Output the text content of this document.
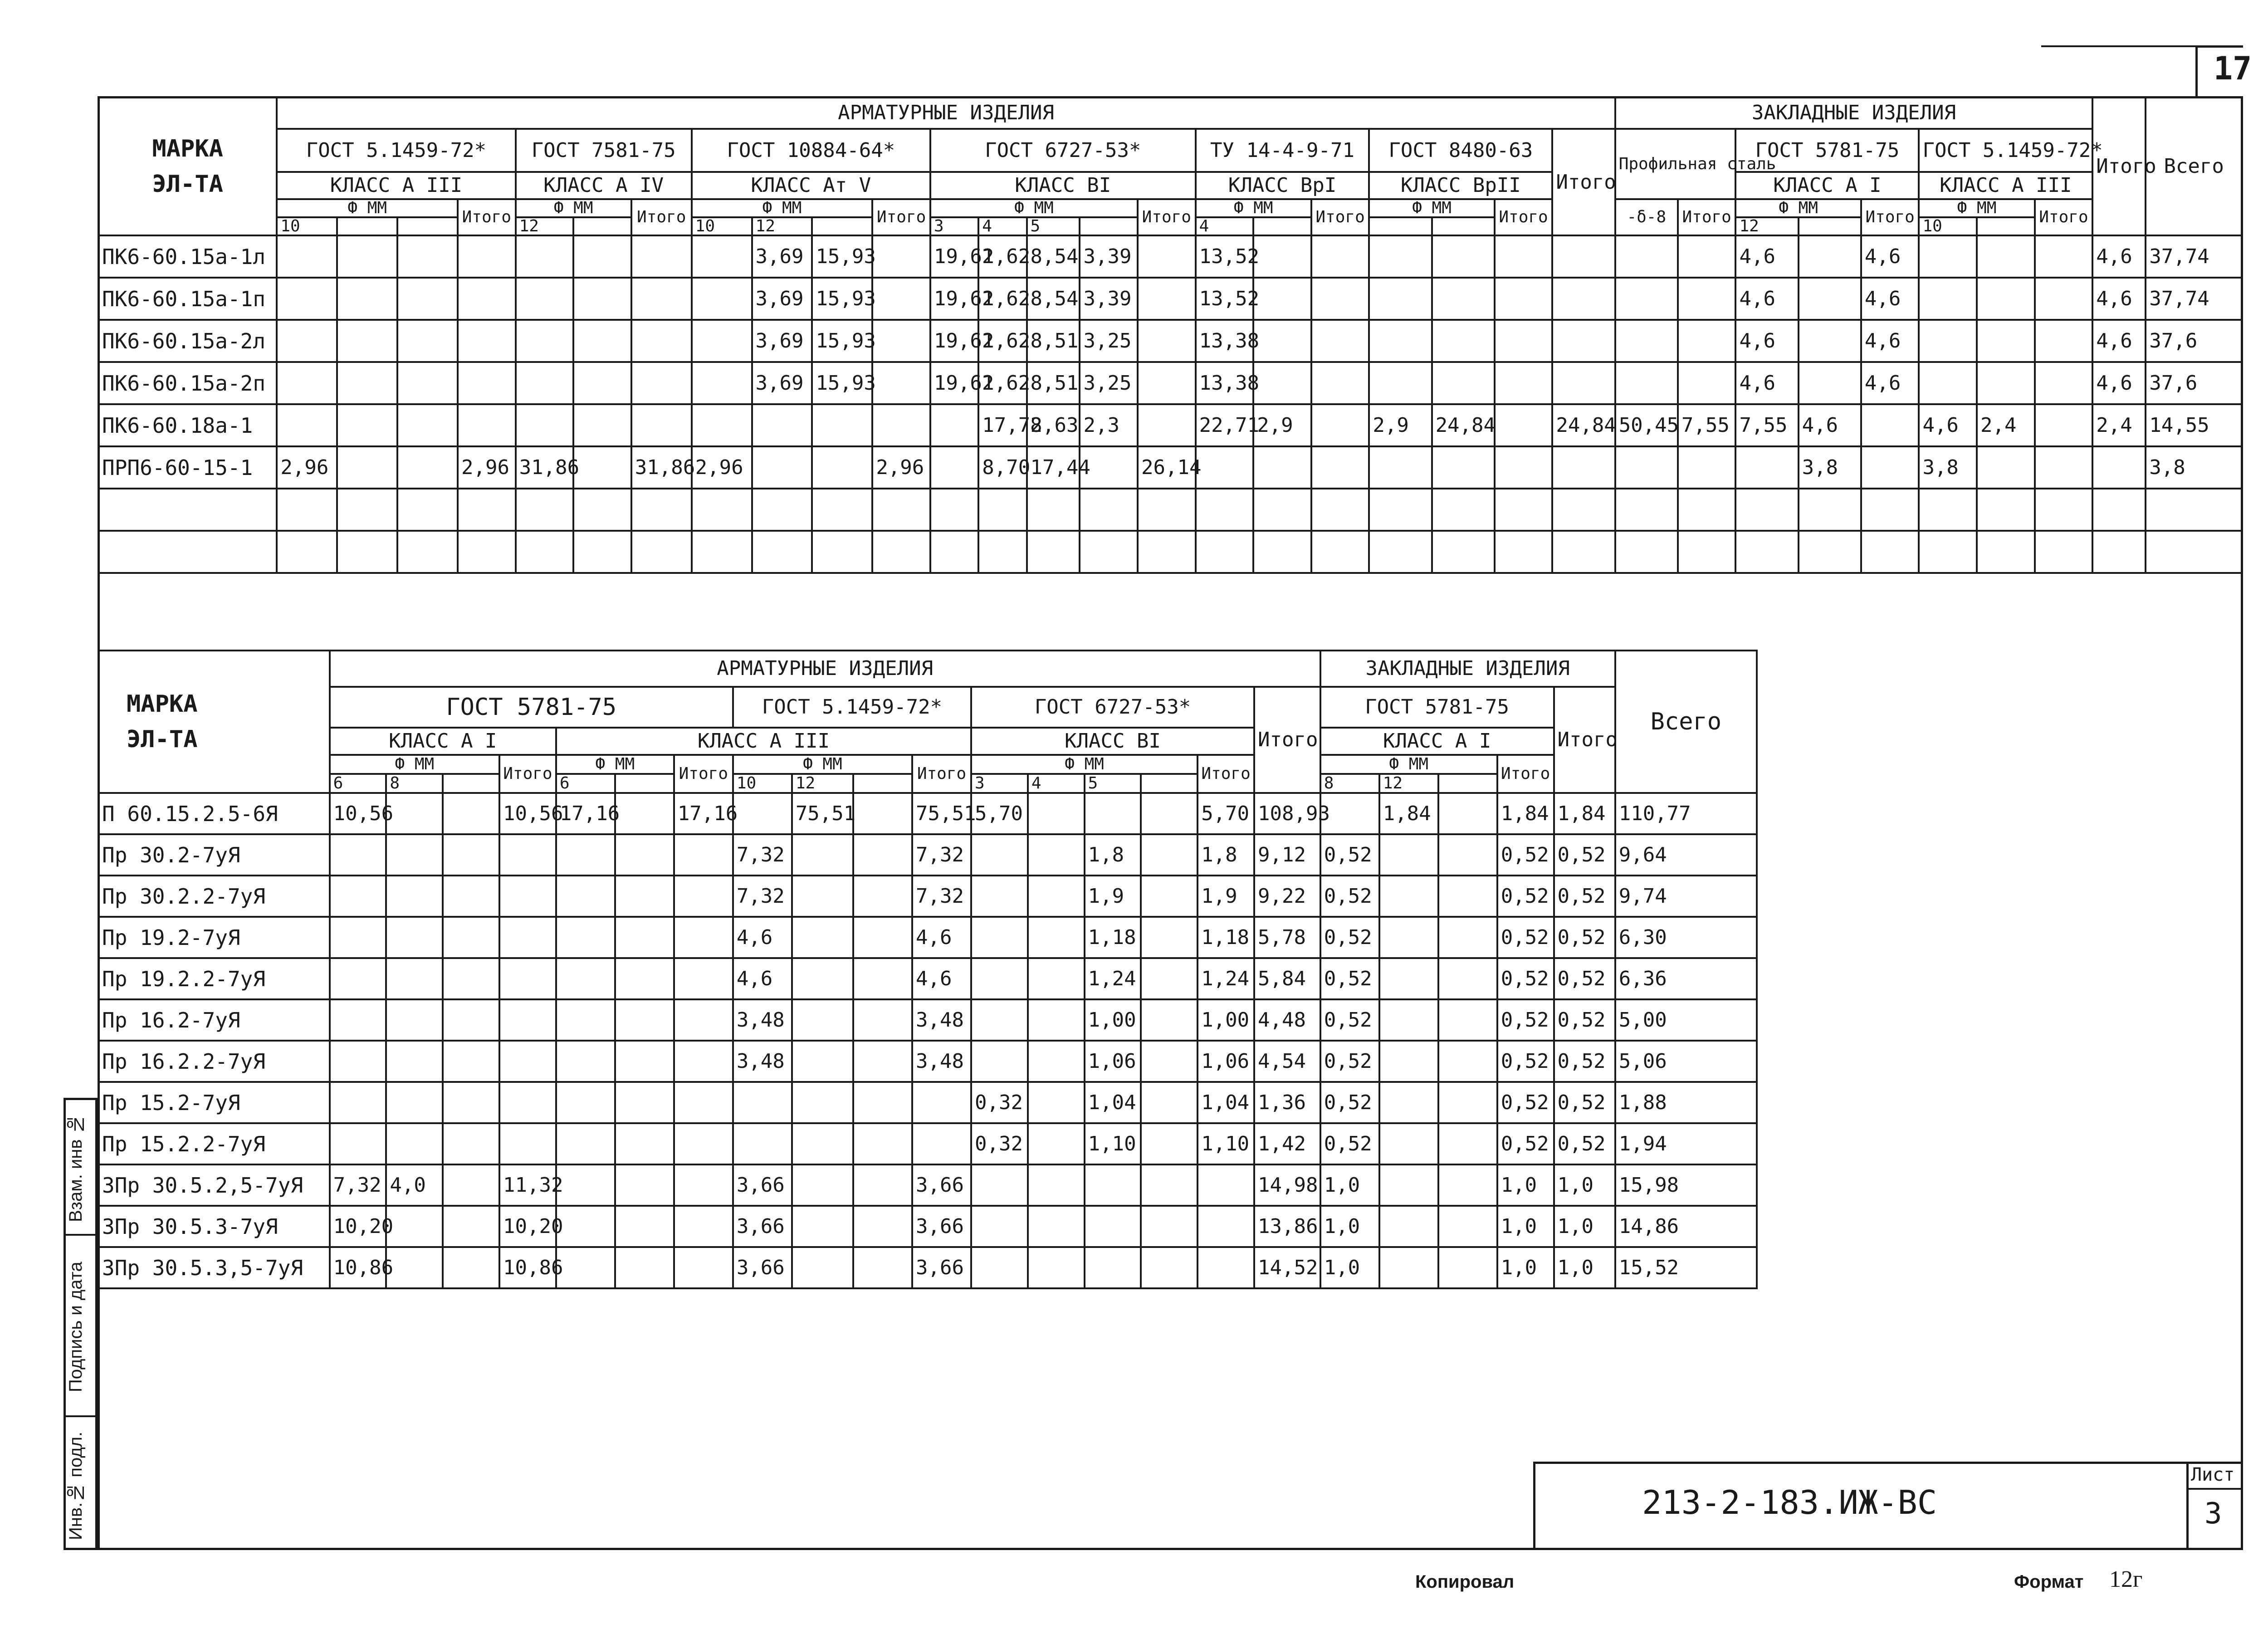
17
Взам. инв №
Подпись и дата
Инв.№ подл.
МАРКА
ЭЛ-ТА	АРМАТУРНЫЕ ИЗДЕЛИЯ																							ЗАКЛАДНЫЕ ИЗДЕЛИЯ								Итого	Всего
	ГОСТ 5.1459-72*				ГОСТ 7581-75			ГОСТ 10884-64*				ГОСТ 6727-53*					ТУ 14-4-9-71			ГОСТ 8480-63			Итого	Профильная сталь		ГОСТ 5781-75			ГОСТ 5.1459-72*				
	КЛАСС А III				КЛАСС А IV			КЛАСС Ат V				КЛАСС ВI					КЛАСС ВрI			КЛАСС ВрII						КЛАСС А I			КЛАСС А III				
	Ф ММ			Итого	Ф ММ		Итого	Ф ММ			Итого	Ф ММ				Итого	Ф ММ		Итого	Ф ММ		Итого		-δ-8	Итого	Ф ММ		Итого	Ф ММ		Итого		
	10				12			10	12			3	4	5			4									12			10				
ПК6-60.15а-1л									3,69	15,93		19,62	1,62	8,54	3,39		13,52									4,6		4,6				4,6	37,74
ПК6-60.15а-1п									3,69	15,93		19,62	1,62	8,54	3,39		13,52									4,6		4,6				4,6	37,74
ПК6-60.15а-2л									3,69	15,93		19,62	1,62	8,51	3,25		13,38									4,6		4,6				4,6	37,6
ПК6-60.15а-2п									3,69	15,93		19,62	1,62	8,51	3,25		13,38									4,6		4,6				4,6	37,6
ПК6-60.18а-1													17,78	2,63	2,3		22,71	2,9		2,9	24,84		24,84	50,45	7,55	7,55	4,6		4,6	2,4		2,4	14,55
ПРП6-60-15-1	2,96			2,96	31,86		31,86	2,96			2,96		8,70	17,44		26,14											3,8		3,8				3,8

МАРКА
ЭЛ-ТА	АРМАТУРНЫЕ ИЗДЕЛИЯ																	ЗАКЛАДНЫЕ ИЗДЕЛИЯ					Всего
	ГОСТ 5781-75							ГОСТ 5.1459-72*				ГОСТ 6727-53*					Итого	ГОСТ 5781-75				Итого	
	КЛАСС А I				КЛАСС А III							КЛАСС ВI						КЛАСС А I					
	Ф ММ			Итого	Ф ММ		Итого	Ф ММ			Итого	Ф ММ				Итого		Ф ММ			Итого		
	6	8			6			10	12			3	4	5				8	12				
П 60.15.2.5-6Я	10,56			10,56	17,16		17,16		75,51		75,51	5,70				5,70	108,93		1,84		1,84	1,84	110,77
Пр 30.2-7уЯ								7,32			7,32			1,8		1,8	9,12	0,52			0,52	0,52	9,64
Пр 30.2.2-7уЯ								7,32			7,32			1,9		1,9	9,22	0,52			0,52	0,52	9,74
Пр 19.2-7уЯ								4,6			4,6			1,18		1,18	5,78	0,52			0,52	0,52	6,30
Пр 19.2.2-7уЯ								4,6			4,6			1,24		1,24	5,84	0,52			0,52	0,52	6,36
Пр 16.2-7уЯ								3,48			3,48			1,00		1,00	4,48	0,52			0,52	0,52	5,00
Пр 16.2.2-7уЯ								3,48			3,48			1,06		1,06	4,54	0,52			0,52	0,52	5,06
Пр 15.2-7уЯ												0,32		1,04		1,04	1,36	0,52			0,52	0,52	1,88
Пр 15.2.2-7уЯ												0,32		1,10		1,10	1,42	0,52			0,52	0,52	1,94
3Пр 30.5.2,5-7уЯ	7,32	4,0		11,32				3,66			3,66						14,98	1,0			1,0	1,0	15,98
3Пр 30.5.3-7уЯ	10,20			10,20				3,66			3,66						13,86	1,0			1,0	1,0	14,86
3Пр 30.5.3,5-7уЯ	10,86			10,86				3,66			3,66						14,52	1,0			1,0	1,0	15,52
213-2-183.ИЖ-ВС
Лист
3
Копировал	Формат 12г
